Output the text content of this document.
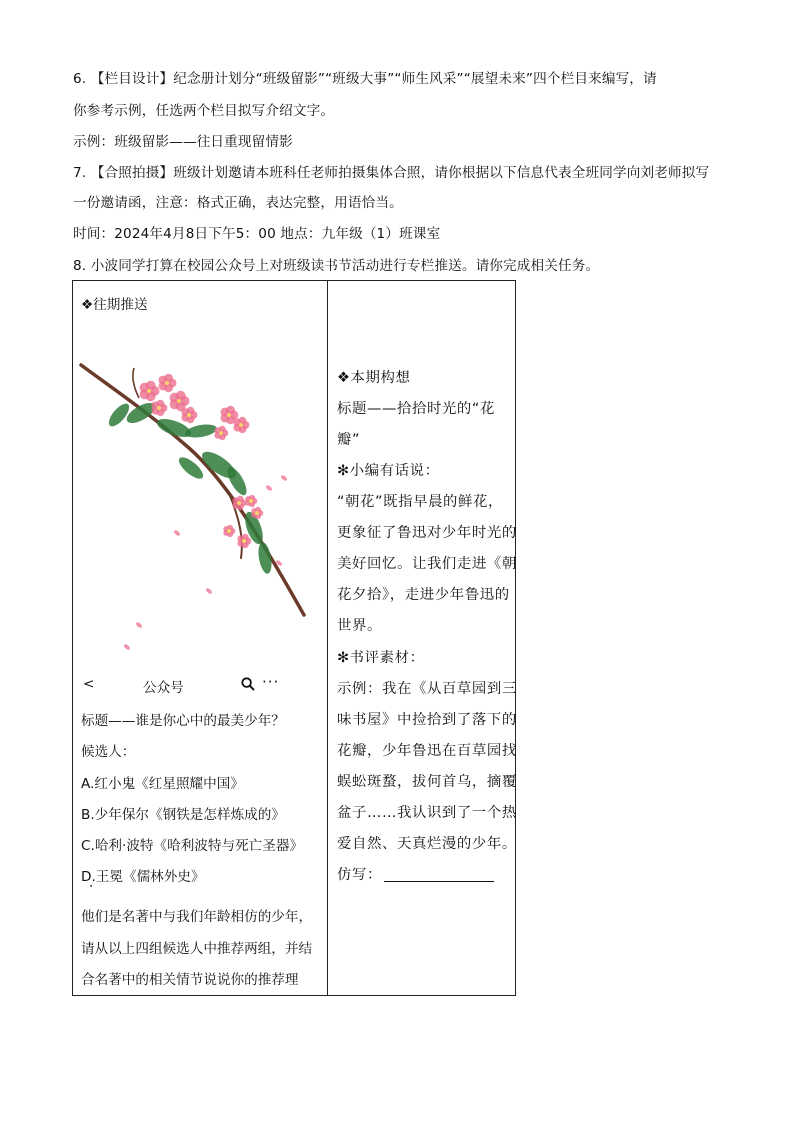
6. 【栏目设计】纪念册计划分“班级留影”“班级大事”“师生风采”“展望未来”四个栏目来编写，请
你参考示例，任选两个栏目拟写介绍文字。
示例：班级留影——往日重现留情影
7. 【合照拍摄】班级计划邀请本班科任老师拍摄集体合照，请你根据以下信息代表全班同学向刘老师拟写
一份邀请函，注意：格式正确，表达完整，用语恰当。
时间：2024年4月8日下午5：00 地点：九年级（1）班课室
8. 小波同学打算在校园公众号上对班级读书节活动进行专栏推送。请你完成相关任务。
❖往期推送
<	公众号	···
标题——谁是你心中的最美少年？
候选人：
A.红小鬼《红星照耀中国》
B.少年保尔《钢铁是怎样炼成的》
C.哈利·波特《哈利波特与死亡圣器》
D.王冕《儒林外史》
他们是名著中与我们年龄相仿的少年，
请从以上四组候选人中推荐两组，并结
合名著中的相关情节说说你的推荐理
❖本期构想
标题——拾拾时光的“花
瓣”
✻小编有话说：
“朝花”既指早晨的鲜花，
更象征了鲁迅对少年时光的
美好回忆。让我们走进《朝
花夕拾》，走进少年鲁迅的
世界。
✻书评素材：
示例：我在《从百草园到三
味书屋》中捡拾到了落下的
花瓣，少年鲁迅在百草园找
蜈蚣斑蝥，拔何首乌，摘覆
盆子……我认识到了一个热
爱自然、天真烂漫的少年。
仿写：
